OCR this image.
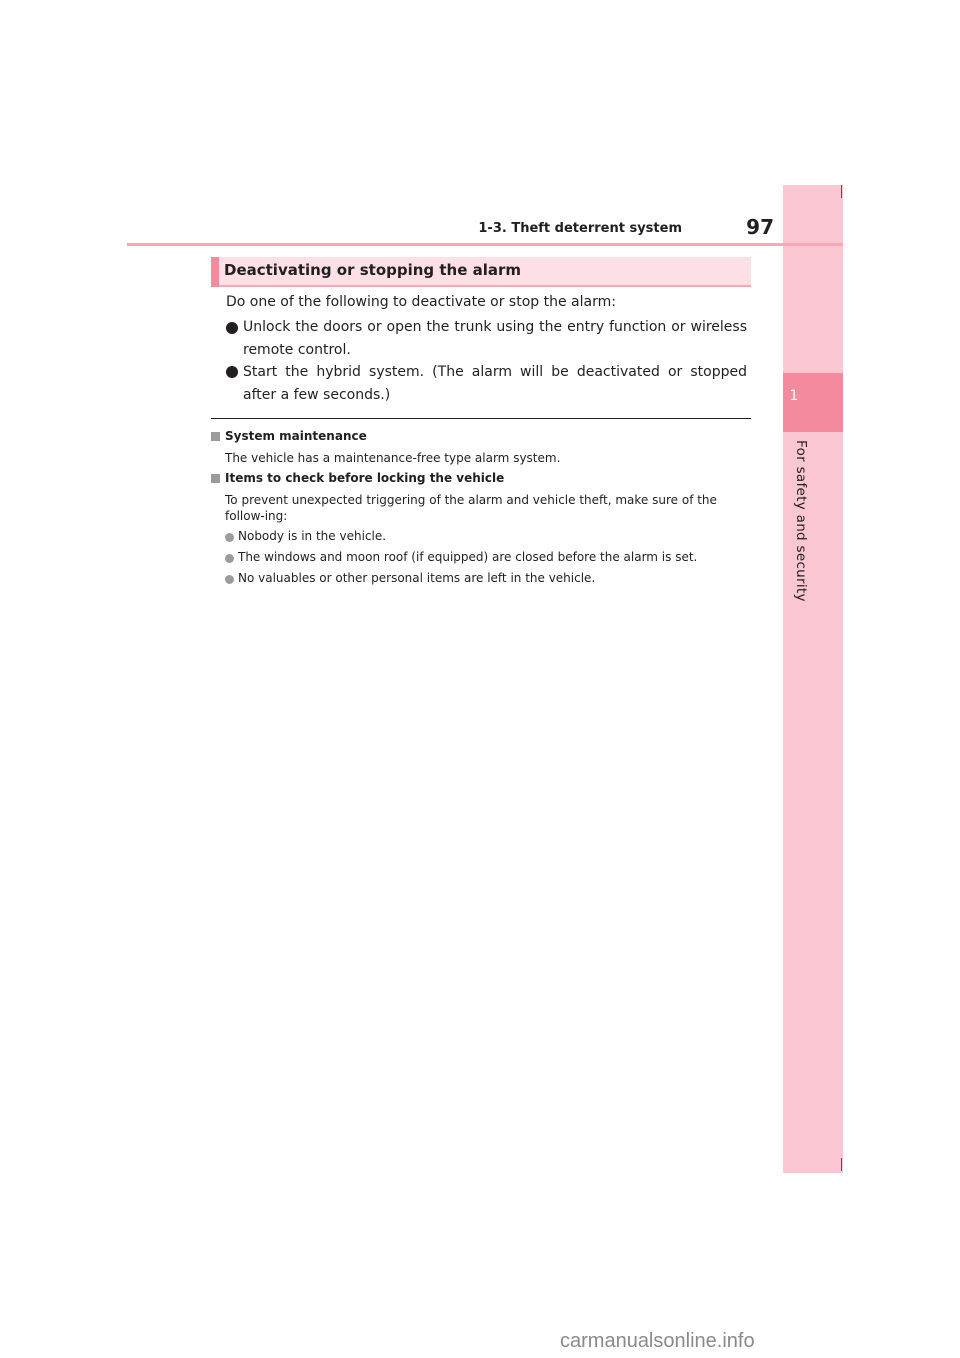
1
For safety and security
1-3. Theft deterrent system	97
Deactivating or stopping the alarm
Do one of the following to deactivate or stop the alarm:
Unlock the doors or open the trunk using the entry function or wireless remote control.
Start the hybrid system. (The alarm will be deactivated or stopped after a few seconds.)
System maintenance
The vehicle has a maintenance-free type alarm system.
Items to check before locking the vehicle
To prevent unexpected triggering of the alarm and vehicle theft, make sure of the follow-ing:
Nobody is in the vehicle.
The windows and moon roof (if equipped) are closed before the alarm is set.
No valuables or other personal items are left in the vehicle.
carmanualsonline.info
